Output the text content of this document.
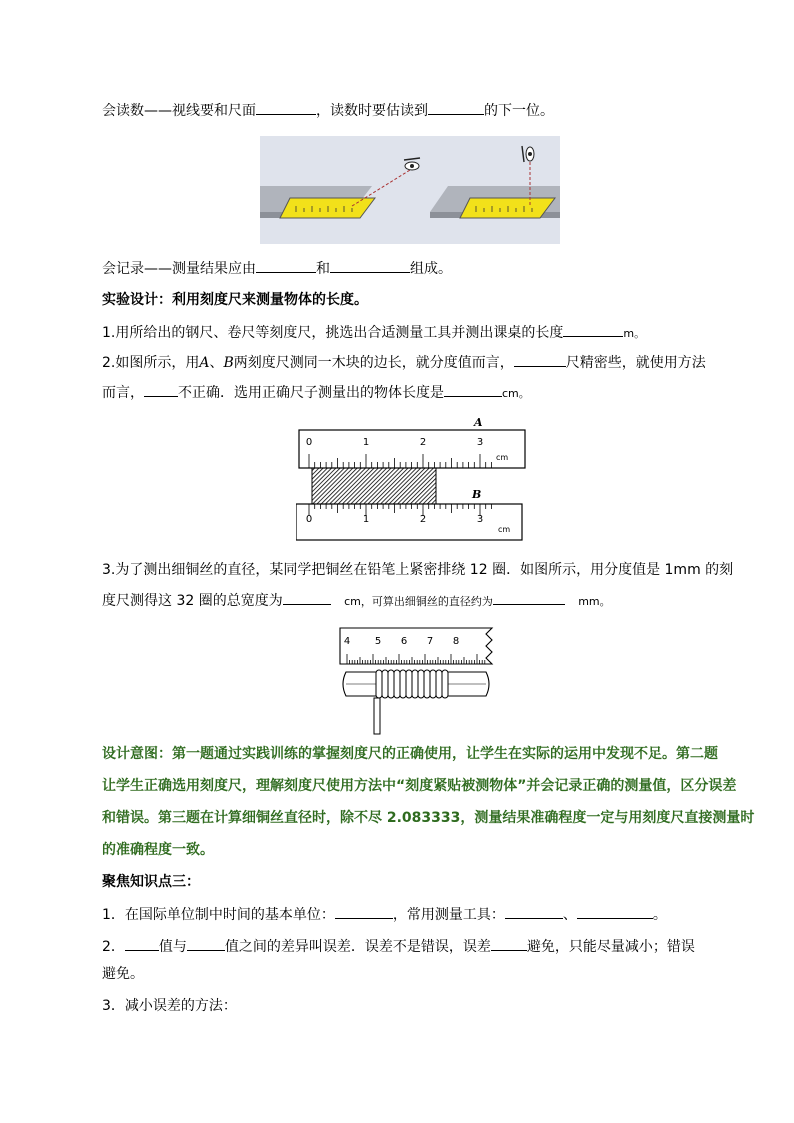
会读数——视线要和尺面	，读数时要估读到	的下一位。
会记录——测量结果应由	和	组成。
实验设计：利用刻度尺来测量物体的长度。
1.用所给出的钢尺、卷尺等刻度尺，挑选出合适测量工具并测出课桌的长度	m。
2.如图所示，用A、B两刻度尺测同一木块的边长，就分度值而言，	尺精密些，就使用方法
而言， 不正确．选用正确尺子测量出的物体长度是	cm。
A
0	1	2	3
cm
B
0	1	2	3
cm
3.为了测出细铜丝的直径，某同学把铜丝在铅笔上紧密排绕 12 圈．如图所示，用分度值是 1mm 的刻
度尺测得这 32 圈的总宽度为	cm，可算出细铜丝的直径约为	mm。
4 5 6 7 8
设计意图：第一题通过实践训练的掌握刻度尺的正确使用，让学生在实际的运用中发现不足。第二题
让学生正确选用刻度尺，理解刻度尺使用方法中“刻度紧贴被测物体”并会记录正确的测量值，区分误差
和错误。第三题在计算细铜丝直径时，除不尽 2.083333，测量结果准确程度一定与用刻度尺直接测量时
的准确程度一致。
聚焦知识点三：
1．在国际单位制中时间的基本单位：	，常用测量工具：	、	。
2． 值与	值之间的差异叫误差．误差不是错误，误差	避免，只能尽量减小；错误
避免。
3．减小误差的方法：
